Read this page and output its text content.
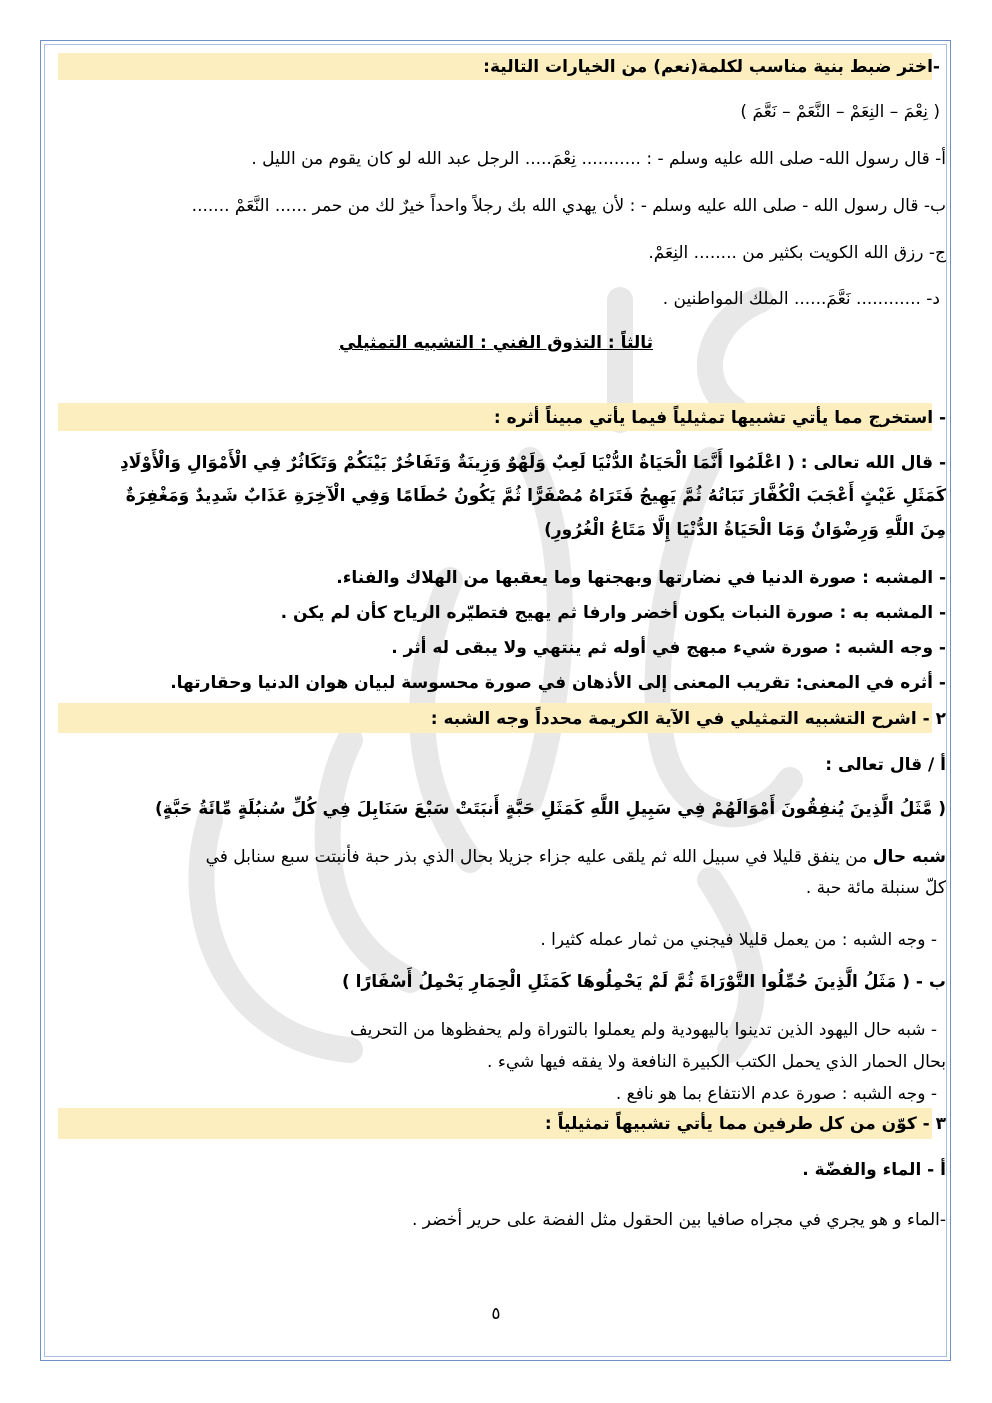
-اختر ضبط بنية مناسب لكلمة(نعم) من الخيارات التالية:
( نِعْمَ – النِعَمْ – النَّعَمْ – نَعَّمَ )
أ- قال رسول الله- صلى الله عليه وسلم - : ........... نِعْمَ..... الرجل عبد الله لو كان يقوم من الليل .
ب- قال رسول الله - صلى الله عليه وسلم - : لأن يهدي الله بك رجلاً واحداً خيرٌ لك من حمر ...... النَّعَمْ .......
ج- رزق الله الكويت بكثير من ........ النِعَمْ.
د- ............ نَعَّمَ...... الملك المواطنين .
ثالثاً : التذوق الفني : التشبيه التمثيلي
- استخرج مما يأتي تشبيها تمثيلياً فيما يأتي مبيناً أثره :
- قال الله تعالى : ( اعْلَمُوا أَنَّمَا الْحَيَاةُ الدُّنْيَا لَعِبٌ وَلَهْوٌ وَزِينَةٌ وَتَفَاخُرٌ بَيْنَكُمْ وَتَكَاثُرٌ فِي الْأَمْوَالِ وَالْأَوْلَادِ
كَمَثَلِ غَيْثٍ أَعْجَبَ الْكُفَّارَ نَبَاتُهُ ثُمَّ يَهِيجُ فَتَرَاهُ مُصْفَرًّا ثُمَّ يَكُونُ حُطَامًا وَفِي الْآخِرَةِ عَذَابٌ شَدِيدٌ وَمَغْفِرَةٌ
مِنَ اللَّهِ وَرِضْوَانٌ وَمَا الْحَيَاةُ الدُّنْيَا إِلَّا مَتَاعُ الْغُرُورِ)
- المشبه : صورة الدنيا في نضارتها وبهجتها وما يعقبها من الهلاك والفناء.
- المشبه به : صورة النبات يكون أخضر وارفا ثم يهيج فتطيّره الرياح كأن لم يكن .
- وجه الشبه : صورة شيء مبهج في أوله ثم ينتهي ولا يبقى له أثر .
- أثره في المعنى: تقريب المعنى إلى الأذهان في صورة محسوسة لبيان هوان الدنيا وحقارتها.
٢ - اشرح التشبيه التمثيلي في الآية الكريمة محدداً وجه الشبه :
أ / قال تعالى :
( مَّثَلُ الَّذِينَ يُنفِقُونَ أَمْوَالَهُمْ فِي سَبِيلِ اللَّهِ كَمَثَلِ حَبَّةٍ أَنبَتَتْ سَبْعَ سَنَابِلَ فِي كُلِّ سُنبُلَةٍ مِّائَةُ حَبَّةٍ)
شبه حال من ينفق قليلا في سبيل الله ثم يلقى عليه جزاء جزيلا بحال الذي بذر حبة فأنبتت سبع سنابل في
كلّ سنبلة مائة حبة .
- وجه الشبه : من يعمل قليلا فيجني من ثمار عمله كثيرا .
ب - ( مَثَلُ الَّذِينَ حُمِّلُوا التَّوْرَاةَ ثُمَّ لَمْ يَحْمِلُوهَا كَمَثَلِ الْحِمَارِ يَحْمِلُ أَسْفَارًا )
- شبه حال اليهود الذين تدينوا باليهودية ولم يعملوا بالتوراة ولم يحفظوها من التحريف
بحال الحمار الذي يحمل الكتب الكبيرة النافعة ولا يفقه فيها شيء .
- وجه الشبه : صورة عدم الانتفاع بما هو نافع .
٣ - كوّن من كل طرفين مما يأتي تشبيهاً تمثيلياً :
أ - الماء والفضّة .
-الماء و هو يجري في مجراه صافيا بين الحقول مثل الفضة على حرير أخضر .
٥
